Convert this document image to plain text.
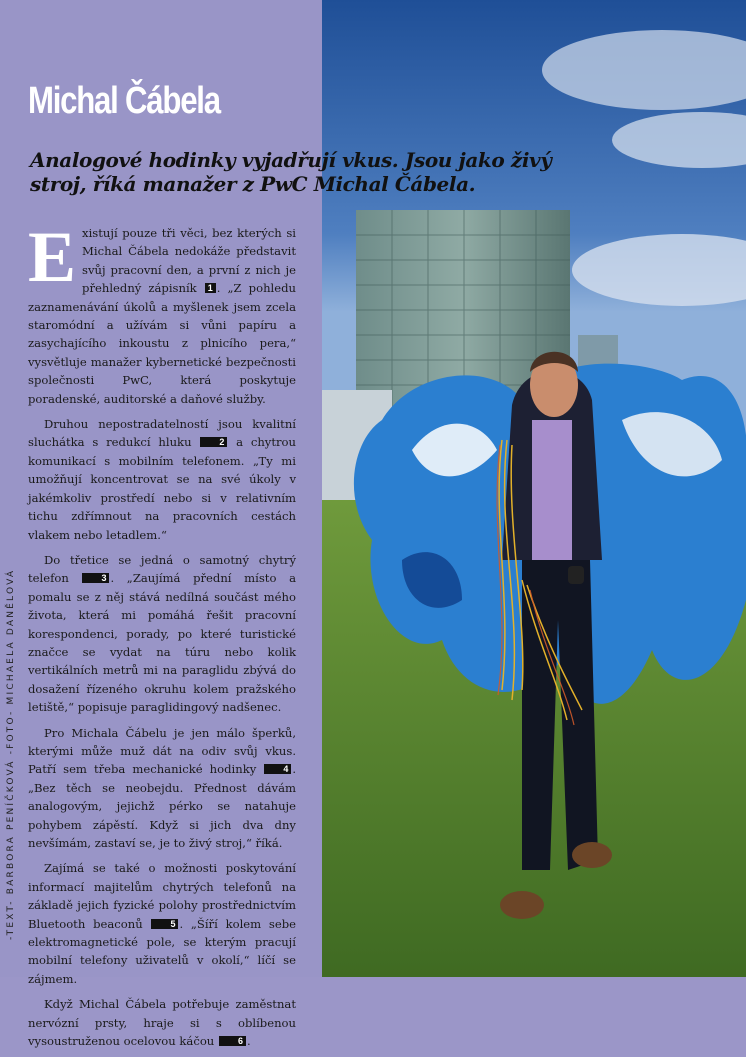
Michal Čábela
Analogové hodinky vyjadřují vkus. Jsou jako živý stroj, říká manažer z PwC Michal Čábela.

Existují pouze tři věci, bez kterých si Michal Čábela nedokáže představit svůj pracovní den, a první z nich je přehledný zápisník 1 . „Z pohledu zaznamenávání úkolů a myšlenek jsem zcela staromódní a užívám si vůni papíru a zasychajícího inkoustu z plnicího pera,“ vysvětluje manažer kybernetické bezpečnosti společnosti PwC, která poskytuje poradenské, auditorské a daňové služby.

Druhou nepostradatelností jsou kvalitní sluchátka s redukcí hluku	2 a chytrou komunikací s mobilním telefonem. „Ty mi umožňují koncentrovat se na své úkoly v jakémkoliv prostředí nebo si v relativním tichu zdřímnout na pracovních cestách vlakem nebo letadlem.“

Do třetice se jedná o samotný chytrý telefon	3 . „Zaujímá přední místo a pomalu se z něj stává nedílná součást mého života, která mi pomáhá řešit pracovní korespondenci, porady, po které turistické značce se vydat na túru nebo kolik vertikálních metrů mi na paraglidu zbývá do dosažení řízeného okruhu kolem pražského letiště,“ popisuje paraglidingový nadšenec.

Pro Michala Čábelu je jen málo šperků, kterými může muž dát na odiv svůj vkus. Patří sem třeba mechanické hodinky	4 . „Bez těch se neobejdu. Přednost dávám analogovým, jejichž pérko se natahuje pohybem zápěstí. Když si jich dva dny nevšímám, zastaví se, je to živý stroj,“ říká.

Zajímá se také o možnosti poskytování informací majitelům chytrých telefonů na základě jejich fyzické polohy prostřednictvím Bluetooth beaconů	5 . „Šíří kolem sebe elektromagnetické pole, se kterým pracují mobilní telefony uživatelů v okolí,“ líčí se zájmem.

Když Michal Čábela potřebuje zaměstnat nervózní prsty, hraje si s oblíbenou vysoustruženou ocelovou káčou	6 .

-TEXT- BARBORA PENÍČKOVÁ -FOTO- MICHAELA DANĚLOVÁ
